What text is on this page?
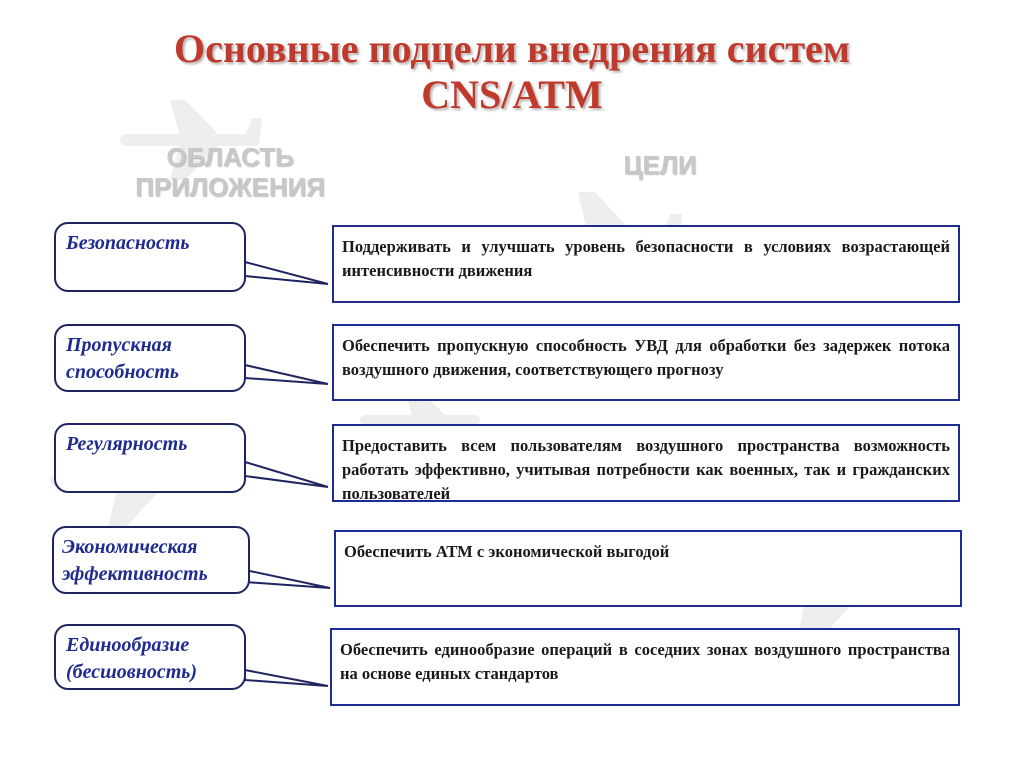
Основные подцели внедрения систем
CNS/ATM
ОБЛАСТЬ
ПРИЛОЖЕНИЯ
ЦЕЛИ
Безопасность	Поддерживать и улучшать уровень безопасности в условиях возрастающей интенсивности движения
Пропускная
способность
Обеспечить пропускную способность УВД для обработки без задержек потока воздушного движения, соответствующего прогнозу
Регулярность	Предоставить всем пользователям воздушного пространства возможность работать эффективно, учитывая потребности как военных, так и гражданских пользователей
Экономическая
эффективность
Обеспечить АТМ с экономической выгодой
Единообразие
(бесшовность)
Обеспечить единообразие операций в соседних зонах воздушного пространства на основе единых стандартов
